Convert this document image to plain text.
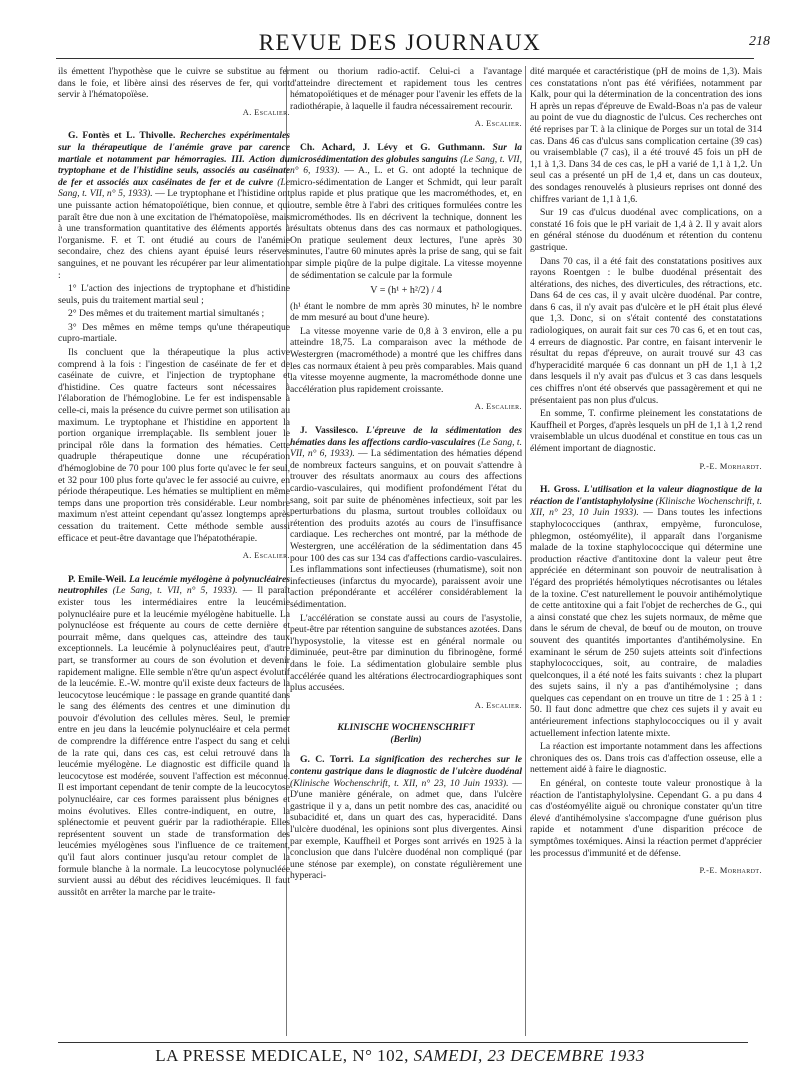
REVUE DES JOURNAUX	218

ils émettent l'hypothèse que le cuivre se substitue au fer dans le foie, et libère ainsi des réserves de fer, qui vont servir à l'hématopoïèse.

A. Escalier.

G. Fontès et L. Thivolle. Recherches expérimentales sur la thérapeutique de l'anémie grave par carence martiale et notamment par hémorragies. III. Action du tryptophane et de l'histidine seuls, associés au caséinate de fer et associés aux caséinates de fer et de cuivre (Le Sang, t. VII, n° 5, 1933). — Le tryptophane et l'histidine ont une puissante action hématopoïétique, bien connue, et qui paraît être due non à une excitation de l'hématopoïèse, mais à une transformation quantitative des éléments apportés à l'organisme. F. et T. ont étudié au cours de l'anémie secondaire, chez des chiens ayant épuisé leurs réserves sanguines, et ne pouvant les récupérer par leur alimentation :

1° L'action des injections de tryptophane et d'histidine seuls, puis du traitement martial seul ;

2° Des mêmes et du traitement martial simultanés ;

3° Des mêmes en même temps qu'une thérapeutique cupro-martiale.

Ils concluent que la thérapeutique la plus active comprend à la fois : l'ingestion de caséinate de fer et de caséinate de cuivre, et l'injection de tryptophane et d'histidine. Ces quatre facteurs sont nécessaires à l'élaboration de l'hémoglobine. Le fer est indispensable à celle-ci, mais la présence du cuivre permet son utilisation au maximum. Le tryptophane et l'histidine en apportent la portion organique irremplaçable. Ils semblent jouer le principal rôle dans la formation des hématies. Cette quadruple thérapeutique donne une récupération d'hémoglobine de 70 pour 100 plus forte qu'avec le fer seul, et 32 pour 100 plus forte qu'avec le fer associé au cuivre, en période thérapeutique. Les hématies se multiplient en même temps dans une proportion très considérable. Leur nombre maximum n'est atteint cependant qu'assez longtemps après cessation du traitement. Cette méthode semble aussi efficace et peut-être davantage que l'hépatothérapie.

A. Escalier.

P. Emile-Weil. La leucémie myélogène à polynucléaires neutrophiles (Le Sang, t. VII, n° 5, 1933). — Il paraît exister tous les intermédiaires entre la leucémie polynucléaire pure et la leucémie myélogène habituelle. La polynucléose est fréquente au cours de cette dernière et pourrait même, dans quelques cas, atteindre des taux exceptionnels. La leucémie à polynucléaires peut, d'autre part, se transformer au cours de son évolution et devenir rapidement maligne. Elle semble n'être qu'un aspect évolutif de la leucémie. E.-W. montre qu'il existe deux facteurs de la leucocytose leucémique : le passage en grande quantité dans le sang des éléments des centres et une diminution du pouvoir d'évolution des cellules mères. Seul, le premier entre en jeu dans la leucémie polynucléaire et cela permet de comprendre la différence entre l'aspect du sang et celui de la rate qui, dans ces cas, est celui retrouvé dans la leucémie myélogène. Le diagnostic est difficile quand la leucocytose est modérée, souvent l'affection est méconnue. Il est important cependant de tenir compte de la leucocytose polynucléaire, car ces formes paraissent plus bénignes et moins évolutives. Elles contre-indiquent, en outre, la splénectomie et peuvent guérir par la radiothérapie. Elles représentent souvent un stade de transformation des leucémies myélogènes sous l'influence de ce traitement, qu'il faut alors continuer jusqu'au retour complet de la formule blanche à la normale. La leucocytose polynucléée survient aussi au début des récidives leucémiques. Il faut aussitôt en arrêter la marche par le traite-

ment ou thorium radio-actif. Celui-ci a l'avantage d'atteindre directement et rapidement tous les centres hématopoïétiques et de ménager pour l'avenir les effets de la radiothérapie, à laquelle il faudra nécessairement recourir.

A. Escalier.

Ch. Achard, J. Lévy et G. Guthmann. Sur la microsédimentation des globules sanguins (Le Sang, t. VII, n° 6, 1933). — A., L. et G. ont adopté la technique de micro-sédimentation de Langer et Schmidt, qui leur paraît plus rapide et plus pratique que les macrométhodes, et, en outre, semble être à l'abri des critiques formulées contre les microméthodes. Ils en décrivent la technique, donnent les résultats obtenus dans des cas normaux et pathologiques. On pratique seulement deux lectures, l'une après 30 minutes, l'autre 60 minutes après la prise de sang, qui se fait par simple piqûre de la pulpe digitale. La vitesse moyenne de sédimentation se calcule par la formule

V = (h¹ + h²/2) / 4

(h¹ étant le nombre de mm après 30 minutes, h² le nombre de mm mesuré au bout d'une heure).

La vitesse moyenne varie de 0,8 à 3 environ, elle a pu atteindre 18,75. La comparaison avec la méthode de Westergren (macrométhode) a montré que les chiffres dans les cas normaux étaient à peu près comparables. Mais quand la vitesse moyenne augmente, la macrométhode donne une accélération plus rapidement croissante.

A. Escalier.

J. Vassilesco. L'épreuve de la sédimentation des hématies dans les affections cardio-vasculaires (Le Sang, t. VII, n° 6, 1933). — La sédimentation des hématies dépend de nombreux facteurs sanguins, et on pouvait s'attendre à trouver des résultats anormaux au cours des affections cardio-vasculaires, qui modifient profondément l'état du sang, soit par suite de phénomènes infectieux, soit par les perturbations du plasma, surtout troubles colloïdaux ou rétention des produits azotés au cours de l'insuffisance cardiaque. Les recherches ont montré, par la méthode de Westergren, une accélération de la sédimentation dans 45 pour 100 des cas sur 134 cas d'affections cardio-vasculaires. Les inflammations sont infectieuses (rhumatisme), soit non infectieuses (infarctus du myocarde), paraissent avoir une action prépondérante et accélérer considérablement la sédimentation.

L'accélération se constate aussi au cours de l'asystolie, peut-être par rétention sanguine de substances azotées. Dans l'hyposystolie, la vitesse est en général normale ou diminuée, peut-être par diminution du fibrinogène, formé dans le foie. La sédimentation globulaire semble plus accélérée quand les altérations électrocardiographiques sont plus accusées.

A. Escalier.
KLINISCHE WOCHENSCHRIFT
(Berlin)

G. C. Torri. La signification des recherches sur le contenu gastrique dans le diagnostic de l'ulcère duodénal (Klinische Wochenschrift, t. XII, n° 23, 10 Juin 1933). — D'une manière générale, on admet que, dans l'ulcère gastrique il y a, dans un petit nombre des cas, anacidité ou subacidité et, dans un quart des cas, hyperacidité. Dans l'ulcère duodénal, les opinions sont plus divergentes. Ainsi par exemple, Kauffheil et Porges sont arrivés en 1925 à la conclusion que dans l'ulcère duodénal non compliqué (par une sténose par exemple), on constate régulièrement une hyperaci-

dité marquée et caractéristique (pH de moins de 1,3). Mais ces constatations n'ont pas été vérifiées, notamment par Kalk, pour qui la détermination de la concentration des ions H après un repas d'épreuve de Ewald-Boas n'a pas de valeur au point de vue du diagnostic de l'ulcus. Ces recherches ont été reprises par T. à la clinique de Porges sur un total de 314 cas. Dans 46 cas d'ulcus sans complication certaine (39 cas) ou vraisemblable (7 cas), il a été trouvé 45 fois un pH de 1,1 à 1,3. Dans 34 de ces cas, le pH a varié de 1,1 à 1,2. Un seul cas a présenté un pH de 1,4 et, dans un cas douteux, des sondages renouvelés à plusieurs reprises ont donné des chiffres variant de 1,1 à 1,6.

Sur 19 cas d'ulcus duodénal avec complications, on a constaté 16 fois que le pH variait de 1,4 à 2. Il y avait alors en général sténose du duodénum et rétention du contenu gastrique.

Dans 70 cas, il a été fait des constatations positives aux rayons Roentgen : le bulbe duodénal présentait des altérations, des niches, des diverticules, des rétractions, etc. Dans 64 de ces cas, il y avait ulcère duodénal. Par contre, dans 6 cas, il n'y avait pas d'ulcère et le pH était plus élevé que 1,3. Donc, si on s'était contenté des constatations radiologiques, on aurait fait sur ces 70 cas 6, et en tout cas, 4 erreurs de diagnostic. Par contre, en faisant intervenir le résultat du repas d'épreuve, on aurait trouvé sur 43 cas d'hyperacidité marquée 6 cas donnant un pH de 1,1 à 1,2 dans lesquels il n'y avait pas d'ulcus et 3 cas dans lesquels ces chiffres n'ont été observés que passagèrement et qui ne présentaient pas non plus d'ulcus.

En somme, T. confirme pleinement les constatations de Kauffheil et Porges, d'après lesquels un pH de 1,1 à 1,2 rend vraisemblable un ulcus duodénal et constitue en tous cas un élément important de diagnostic.

P.-E. Morhardt.

H. Gross. L'utilisation et la valeur diagnostique de la réaction de l'antistaphylolysine (Klinische Wochenschrift, t. XII, n° 23, 10 Juin 1933). — Dans toutes les infections staphylococciques (anthrax, empyème, furonculose, phlegmon, ostéomyélite), il apparaît dans l'organisme malade de la toxine staphylococcique qui détermine une production réactive d'antitoxine dont la valeur peut être appréciée en déterminant son pouvoir de neutralisation à l'égard des propriétés hémolytiques nécrotisantes ou létales de la toxine. C'est naturellement le pouvoir antihémolytique de cette antitoxine qui a fait l'objet de recherches de G., qui a ainsi constaté que chez les sujets normaux, de même que dans le sérum de cheval, de bœuf ou de mouton, on trouve souvent des quantités importantes d'antihémolysine. En examinant le sérum de 250 sujets atteints soit d'infections staphylococciques, soit, au contraire, de maladies quelconques, il a été noté les faits suivants : chez la plupart des sujets sains, il n'y a pas d'antihémolysine ; dans quelques cas cependant on en trouve un titre de 1 : 25 à 1 : 50. Il faut donc admettre que chez ces sujets il y avait eu antérieurement infections staphylococciques ou il y avait actuellement infection latente mixte.

La réaction est importante notamment dans les affections chroniques des os. Dans trois cas d'affection osseuse, elle a nettement aidé à faire le diagnostic.

En général, on conteste toute valeur pronostique à la réaction de l'antistaphylolysine. Cependant G. a pu dans 4 cas d'ostéomyélite aiguë ou chronique constater qu'un titre élevé d'antihémolysine s'accompagne d'une guérison plus rapide et notamment d'une disparition précoce de symptômes toxémiques. Ainsi la réaction permet d'apprécier les processus d'immunité et de défense.

P.-E. Morhardt.
LA PRESSE MEDICALE, N° 102, SAMEDI, 23 DECEMBRE 1933
